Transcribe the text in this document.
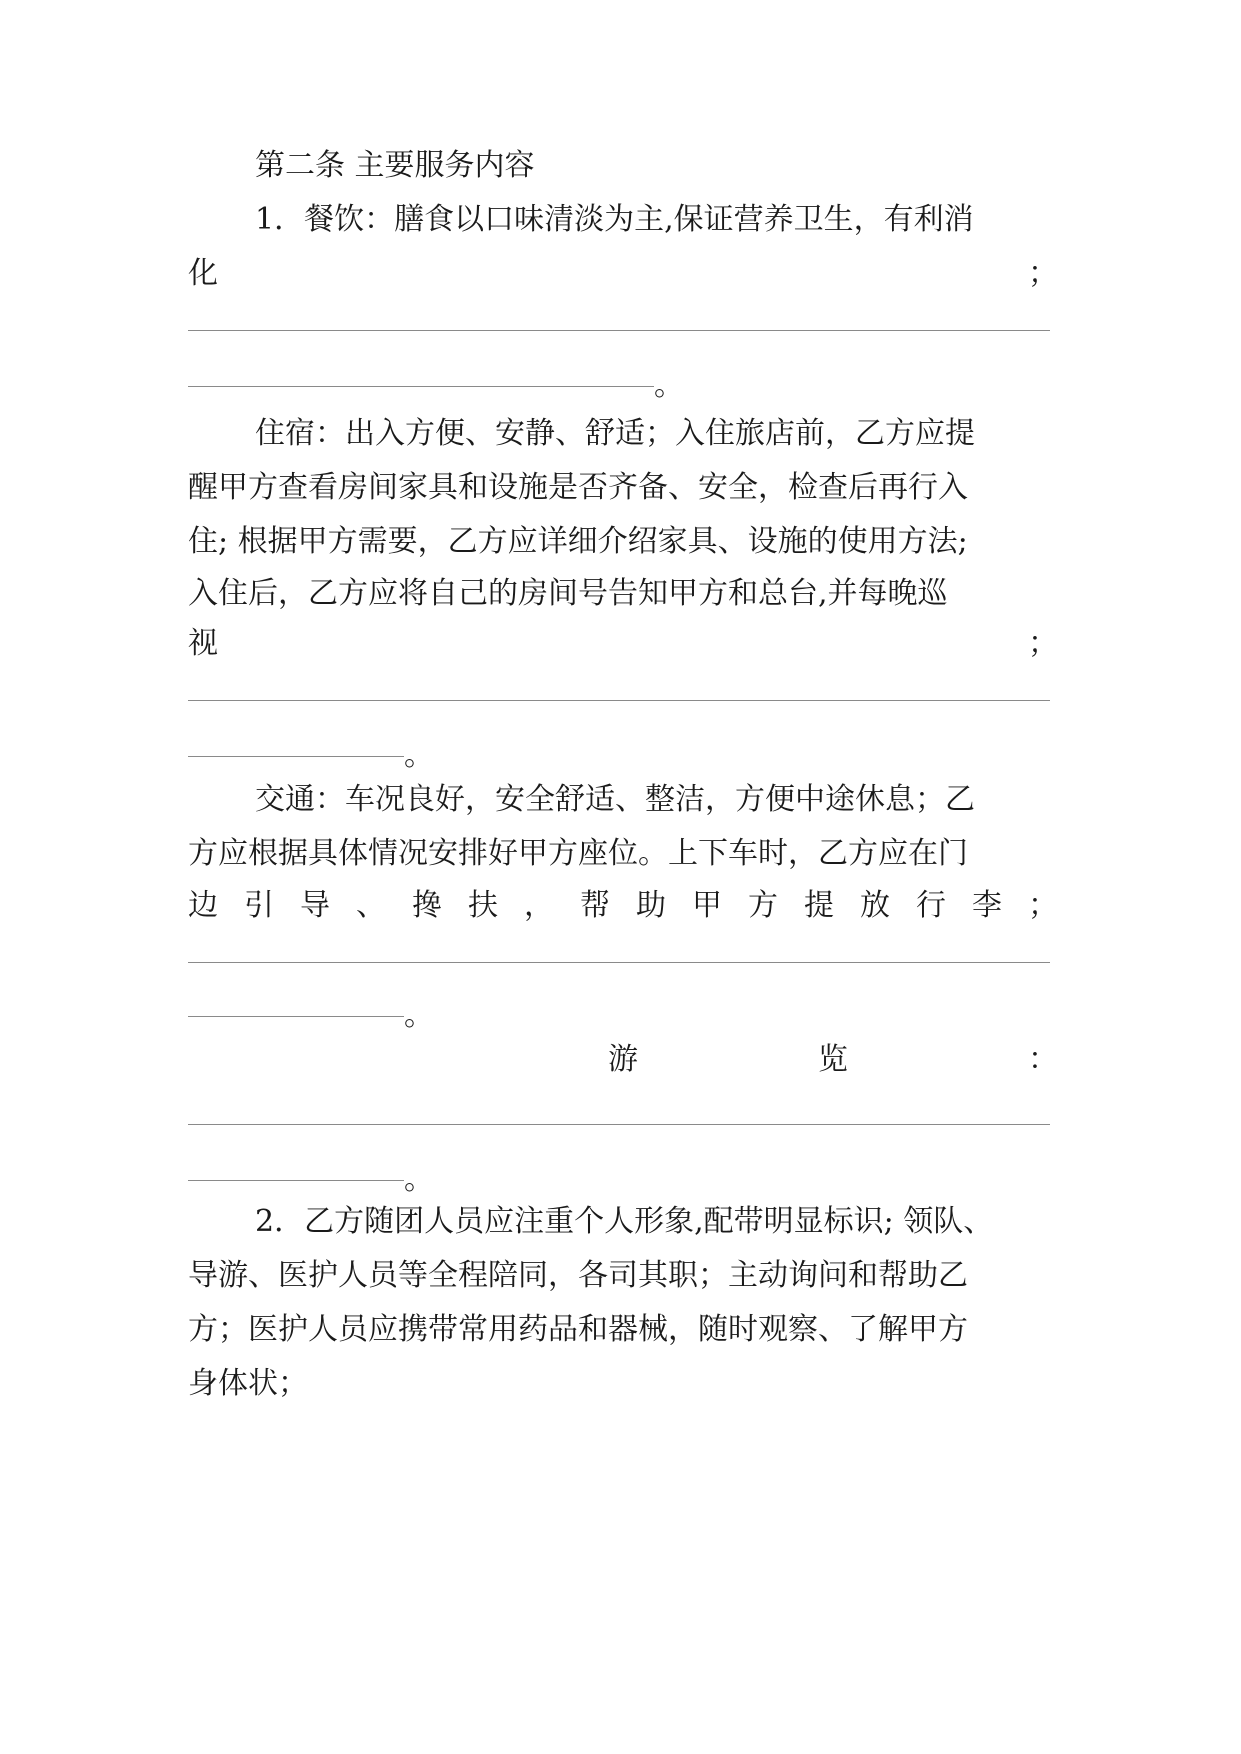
第二条 主要服务内容
1．餐饮：膳食以口味清淡为主,保证营养卫生，有利消
化	；
。
住宿：出入方便、安静、舒适；入住旅店前，乙方应提
醒甲方查看房间家具和设施是否齐备、安全，检查后再行入
住; 根据甲方需要，乙方应详细介绍家具、设施的使用方法;
入住后，乙方应将自己的房间号告知甲方和总台,并每晚巡
视	；
。
交通：车况良好，安全舒适、整洁，方便中途休息；乙
方应根据具体情况安排好甲方座位。上下车时，乙方应在门
边 引 导 、 搀 扶 ， 帮 助 甲 方 提 放 行 李 ；
。
游	览	：
。
2．乙方随团人员应注重个人形象,配带明显标识; 领队、
导游、医护人员等全程陪同，各司其职；主动询问和帮助乙
方；医护人员应携带常用药品和器械，随时观察、了解甲方
身体状；
